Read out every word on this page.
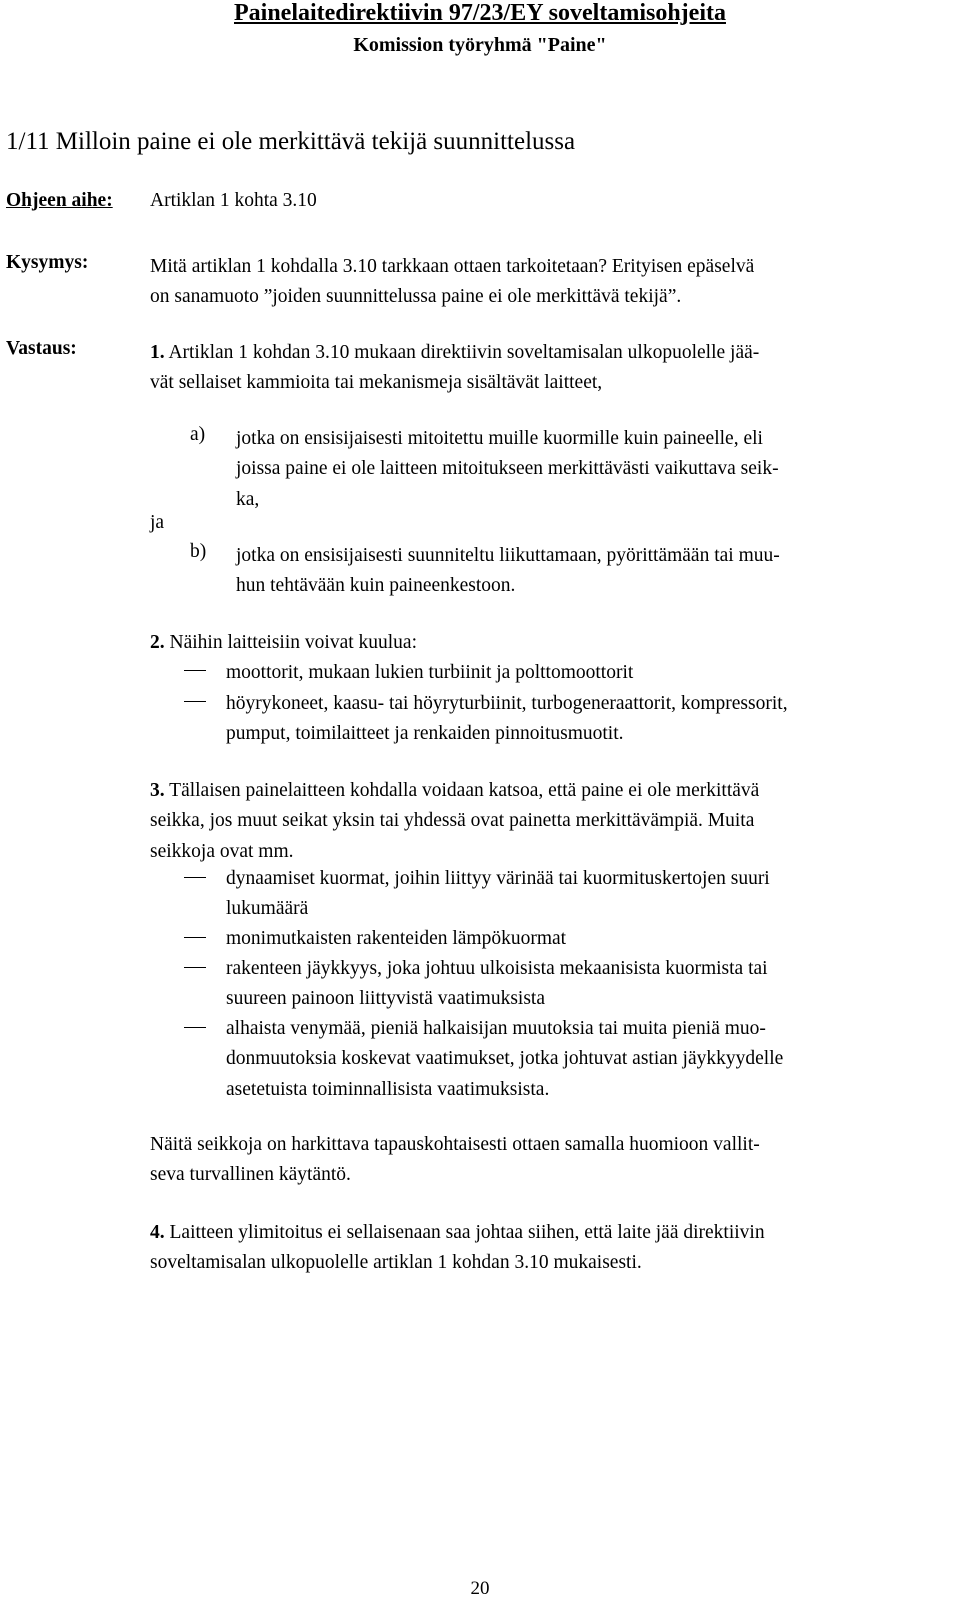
Painelaitedirektiivin 97/23/EY soveltamisohjeita
Komission työryhmä "Paine"
1/11 Milloin paine ei ole merkittävä tekijä suunnittelussa
Ohjeen aihe: Artiklan 1 kohta 3.10
Kysymys:	Mitä artiklan 1 kohdalla 3.10 tarkkaan ottaen tarkoitetaan? Erityisen epäselvä
on sanamuoto ”joiden suunnittelussa paine ei ole merkittävä tekijä”.
Vastaus:	1. Artiklan 1 kohdan 3.10 mukaan direktiivin soveltamisalan ulkopuolelle jää-
vät sellaiset kammioita tai mekanismeja sisältävät laitteet,
a) jotka on ensisijaisesti mitoitettu muille kuormille kuin paineelle, eli
joissa paine ei ole laitteen mitoitukseen merkittävästi vaikuttava seik-
ka,
ja
b) jotka on ensisijaisesti suunniteltu liikuttamaan, pyörittämään tai muu-
hun tehtävään kuin paineenkestoon.
2. Näihin laitteisiin voivat kuulua:
moottorit, mukaan lukien turbiinit ja polttomoottorit
höyrykoneet, kaasu- tai höyryturbiinit, turbogeneraattorit, kompressorit,
pumput, toimilaitteet ja renkaiden pinnoitusmuotit.
3. Tällaisen painelaitteen kohdalla voidaan katsoa, että paine ei ole merkittävä
seikka, jos muut seikat yksin tai yhdessä ovat painetta merkittävämpiä. Muita
seikkoja ovat mm.
dynaamiset kuormat, joihin liittyy värinää tai kuormituskertojen suuri
lukumäärä
monimutkaisten rakenteiden lämpökuormat
rakenteen jäykkyys, joka johtuu ulkoisista mekaanisista kuormista tai
suureen painoon liittyvistä vaatimuksista
alhaista venymää, pieniä halkaisijan muutoksia tai muita pieniä muo-
donmuutoksia koskevat vaatimukset, jotka johtuvat astian jäykkyydelle
asetetuista toiminnallisista vaatimuksista.
Näitä seikkoja on harkittava tapauskohtaisesti ottaen samalla huomioon vallit-
seva turvallinen käytäntö.
4. Laitteen ylimitoitus ei sellaisenaan saa johtaa siihen, että laite jää direktiivin
soveltamisalan ulkopuolelle artiklan 1 kohdan 3.10 mukaisesti.
20
